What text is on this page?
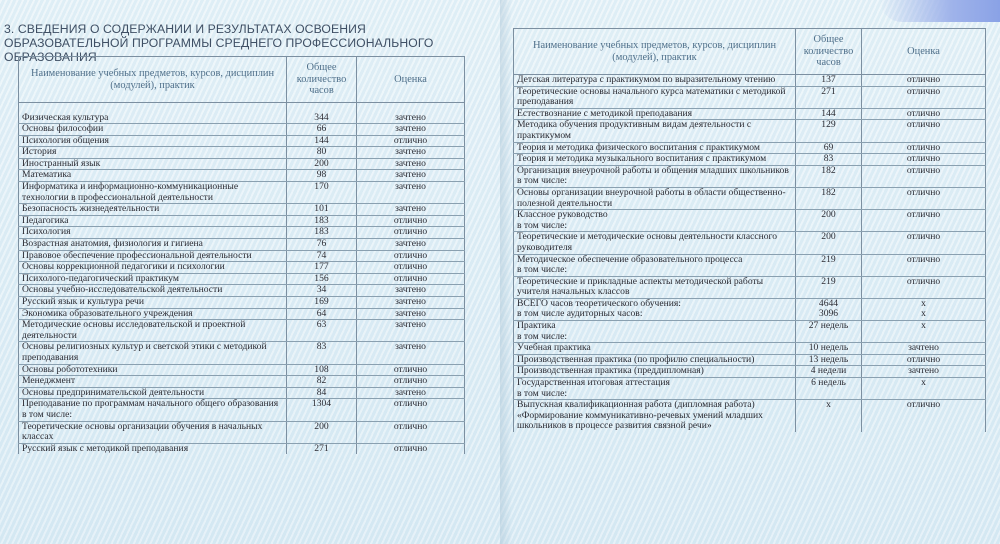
3. СВЕДЕНИЯ О СОДЕРЖАНИИ И РЕЗУЛЬТАТАХ ОСВОЕНИЯ ОБРАЗОВАТЕЛЬНОЙ ПРОГРАММЫ СРЕДНЕГО ПРОФЕССИОНАЛЬНОГО ОБРАЗОВАНИЯ
Наименование учебных предметов, курсов, дисциплин (модулей), практик	Общее количество часов	Оценка

Физическая культура	344	зачтено
Основы философии	66	зачтено
Психология общения	144	отлично
История	80	зачтено
Иностранный язык	200	зачтено
Математика	98	зачтено
Информатика и информационно-коммуникационные технологии в профессиональной деятельности	170	зачтено
Безопасность жизнедеятельности	101	зачтено
Педагогика	183	отлично
Психология	183	отлично
Возрастная анатомия, физиология и гигиена	76	зачтено
Правовое обеспечение профессиональной деятельности	74	отлично
Основы коррекционной педагогики и психологии	177	отлично
Психолого-педагогический практикум	156	отлично
Основы учебно-исследовательской деятельности	34	зачтено
Русский язык и культура речи	169	зачтено
Экономика образовательного учреждения	64	зачтено
Методические основы исследовательской и проектной деятельности	63	зачтено
Основы религиозных культур и светской этики с методикой преподавания	83	зачтено
Основы робототехники	108	отлично
Менеджмент	82	отлично
Основы предпринимательской деятельности	84	зачтено
Преподавание по программам начального общего образования	1304	отлично
в том числе:		
Теоретические основы организации обучения в начальных классах	200	отлично
Русский язык с методикой преподавания	271	отлично
Наименование учебных предметов, курсов, дисциплин (модулей), практик	Общее количество часов	Оценка
Детская литература с практикумом по выразительному чтению	137	отлично
Теоретические основы начального курса математики с методикой преподавания	271	отлично
Естествознание с методикой преподавания	144	отлично
Методика обучения продуктивным видам деятельности с практикумом	129	отлично
Теория и методика физического воспитания с практикумом	69	отлично
Теория и методика музыкального воспитания с практикумом	83	отлично
Организация внеурочной работы и общения младших школьников	182	отлично
в том числе:		
Основы организации внеурочной работы в области общественно-полезной деятельности	182	отлично
Классное руководство	200	отлично
в том числе:		
Теоретические и методические основы деятельности классного руководителя	200	отлично
Методическое обеспечение образовательного процесса	219	отлично
в том числе:		
Теоретические и прикладные аспекты методической работы учителя начальных классов	219	отлично
ВСЕГО часов теоретического обучения:	4644	х
в том числе аудиторных часов:	3096	х
Практика	27 недель	х
в том числе:		
Учебная практика	10 недель	зачтено
Производственная практика (по профилю специальности)	13 недель	отлично
Производственная практика (преддипломная)	4 недели	зачтено
Государственная итоговая аттестация	6 недель	х
в том числе:		
Выпускная квалификационная работа (дипломная работа) «Формирование коммуникативно-речевых умений младших школьников в процессе развития связной речи»	х	отлично
